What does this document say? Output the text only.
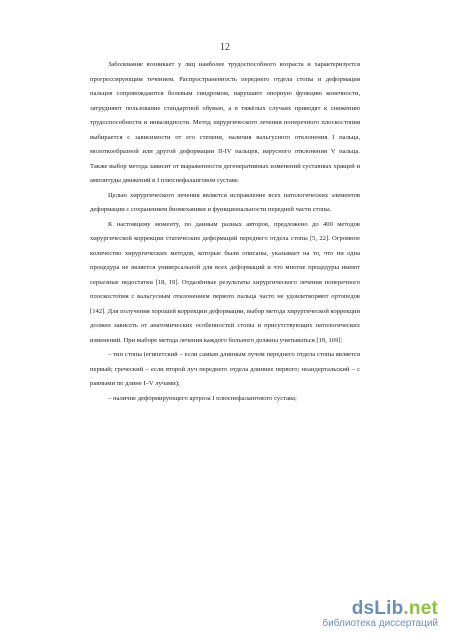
12

Заболевание возникает у лиц наиболее трудоспособного возраста и характеризуется прогрессирующим течением. Распространенность переднего отдела стопы и деформация пальцев сопровождаются болевым синдромом, нарушают опорную функцию конечности, затрудняют пользование стандартной обувью, а в тяжёлых случаях приводят к снижению трудоспособности и инвалидности. Метод хирургического лечения поперечного плоскостопия выбирается с зависимости от его степени, наличия вальгусного отклонения I пальца, молоткообразной или другой деформации II-IV пальцев, варусного отклонения V пальца. Также выбор метода зависит от выраженности дегенеративных изменений суставных хрящей и амплитуды движений в I плюснефаланговом суставе.

Целью хирургического лечения является исправление всех патологических элементов деформации с сохранением биомеханики и функциональности передней части стопы.

К настоящему моменту, по данным разных авторов, предложено до 400 методов хирургической коррекции статических деформаций переднего отдела стопы [5, 22]. Огромное количество хирургических методов, которые были описаны, указывает на то, что ни одна процедура не является универсальной для всех деформаций и что многие процедуры имеют серьезные недостатки [18, 19]. Отдалённые результаты хирургического лечения поперечного плоскостопия с вальгусным отклонением первого пальца часто не удовлетворяют ортопедов [142]. Для получения хорошей коррекции деформации, выбор метода хирургической коррекции должен зависеть от анатомических особенностей стопы и присутствующих патологических изменений. При выборе метода лечения каждого больного должны учитываться [19, 169]:

– тип стопы (египетский – если самым длинным лучом переднего отдела стопы является первый; греческий – если второй луч переднего отдела длиннее первого; неандертальский – с равными по длине I–V лучами);

– наличие деформирующего артроза I плюснефалангового сустава;

dsLib.net
библиотека диссертаций
